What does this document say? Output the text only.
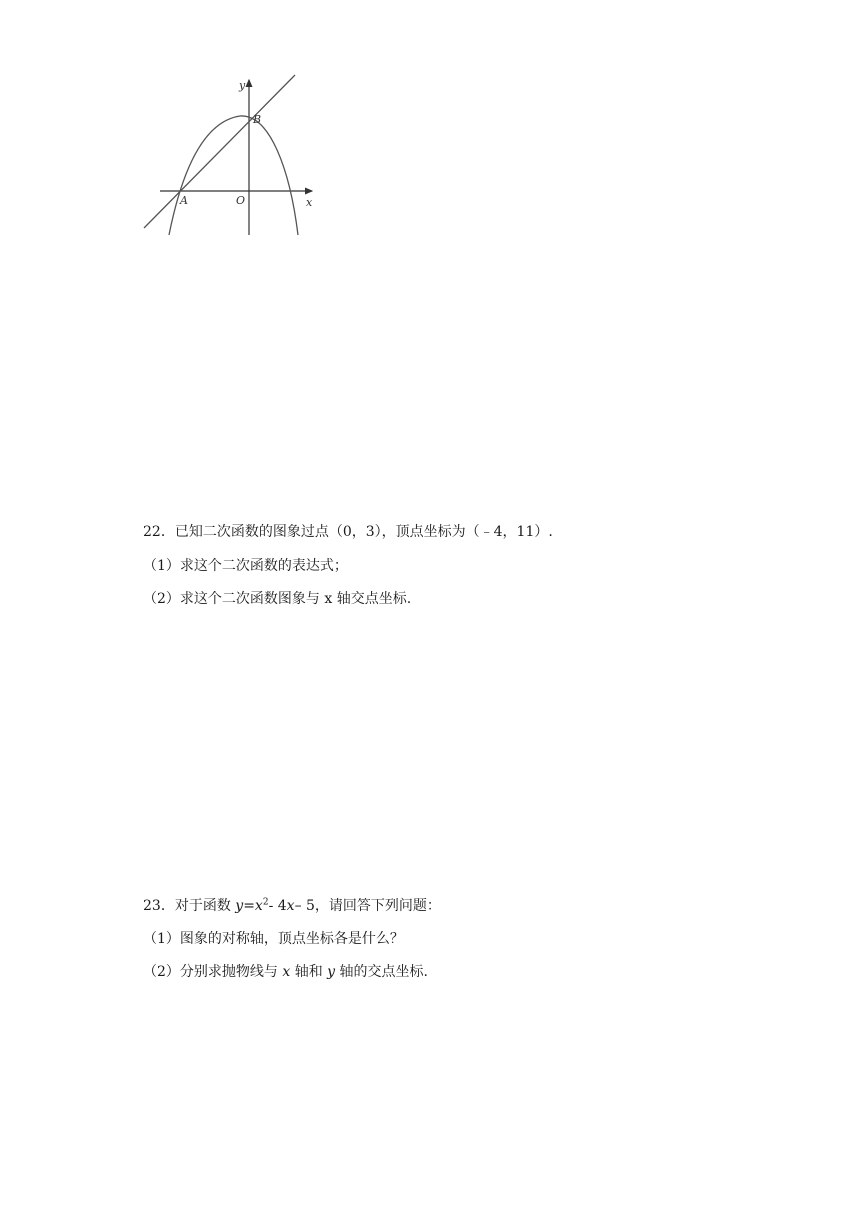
y
x
O
A
B
22．已知二次函数的图象过点（0，3），顶点坐标为（﹣4，11）.
（1）求这个二次函数的表达式；
（2）求这个二次函数图象与 x 轴交点坐标.
23．对于函数 $y=x^2-$ 4x– 5，请回答下列问题：
（1）图象的对称轴，顶点坐标各是什么？
（2）分别求抛物线与 x 轴和 y 轴的交点坐标.
